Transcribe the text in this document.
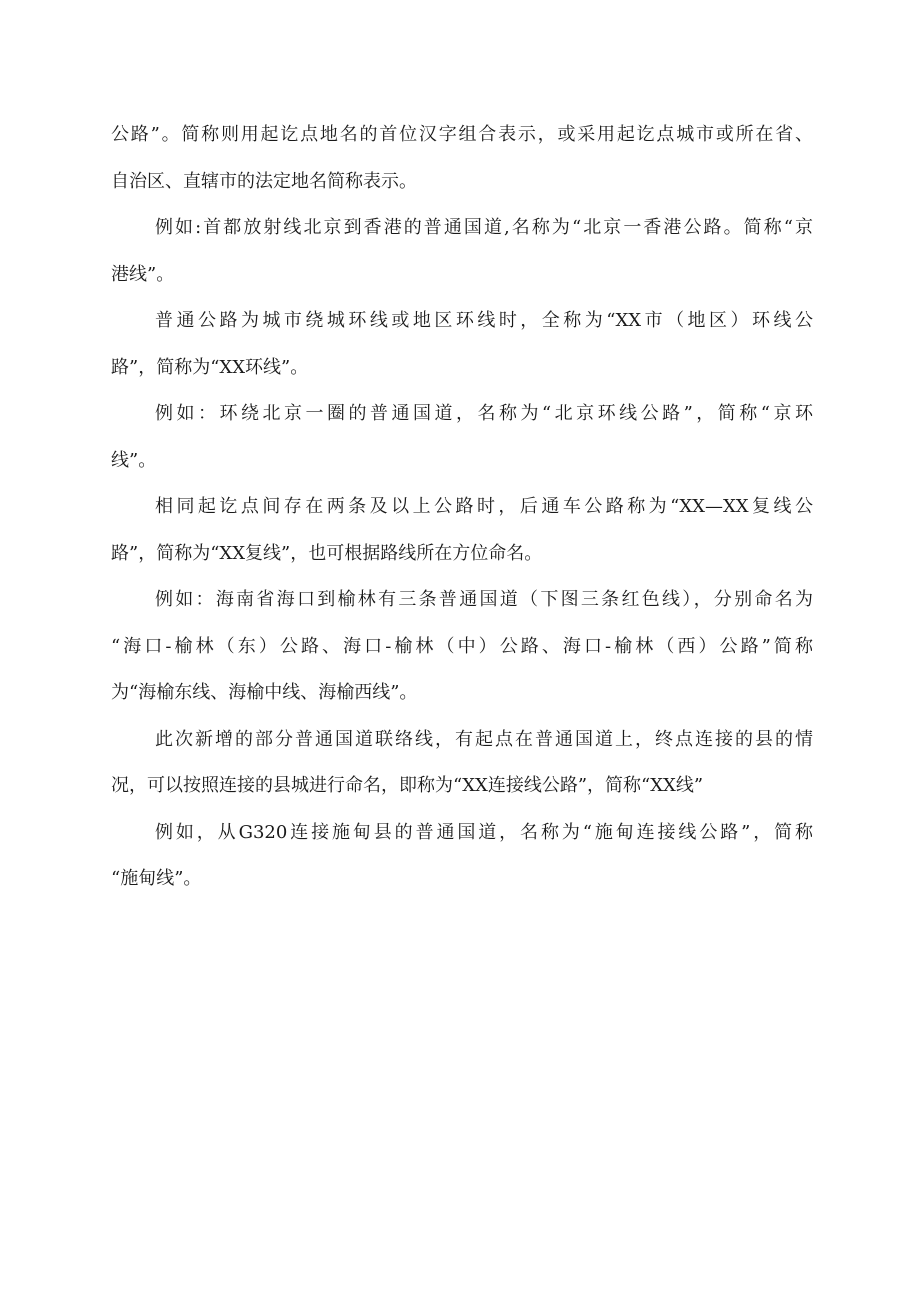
公路”。简称则用起讫点地名的首位汉字组合表示，或采用起讫点城市或所在省、
自治区、直辖市的法定地名简称表示。
例如:首都放射线北京到香港的普通国道,名称为“北京一香港公路。简称“京
港线”。
普通公路为城市绕城环线或地区环线时，全称为“XX市（地区）环线公
路”，简称为“XX环线”。
例如：环绕北京一圈的普通国道，名称为“北京环线公路”，简称“京环
线”。
相同起讫点间存在两条及以上公路时，后通车公路称为“XX—XX复线公
路”，简称为“XX复线”，也可根据路线所在方位命名。
例如：海南省海口到榆林有三条普通国道（下图三条红色线），分别命名为
“海口-榆林（东）公路、海口-榆林（中）公路、海口-榆林（西）公路”简称
为“海榆东线、海榆中线、海榆西线”。
此次新增的部分普通国道联络线，有起点在普通国道上，终点连接的县的情
况，可以按照连接的县城进行命名，即称为“XX连接线公路”，简称“XX线”
例如，从G320连接施甸县的普通国道，名称为“施甸连接线公路”，简称
“施甸线”。
